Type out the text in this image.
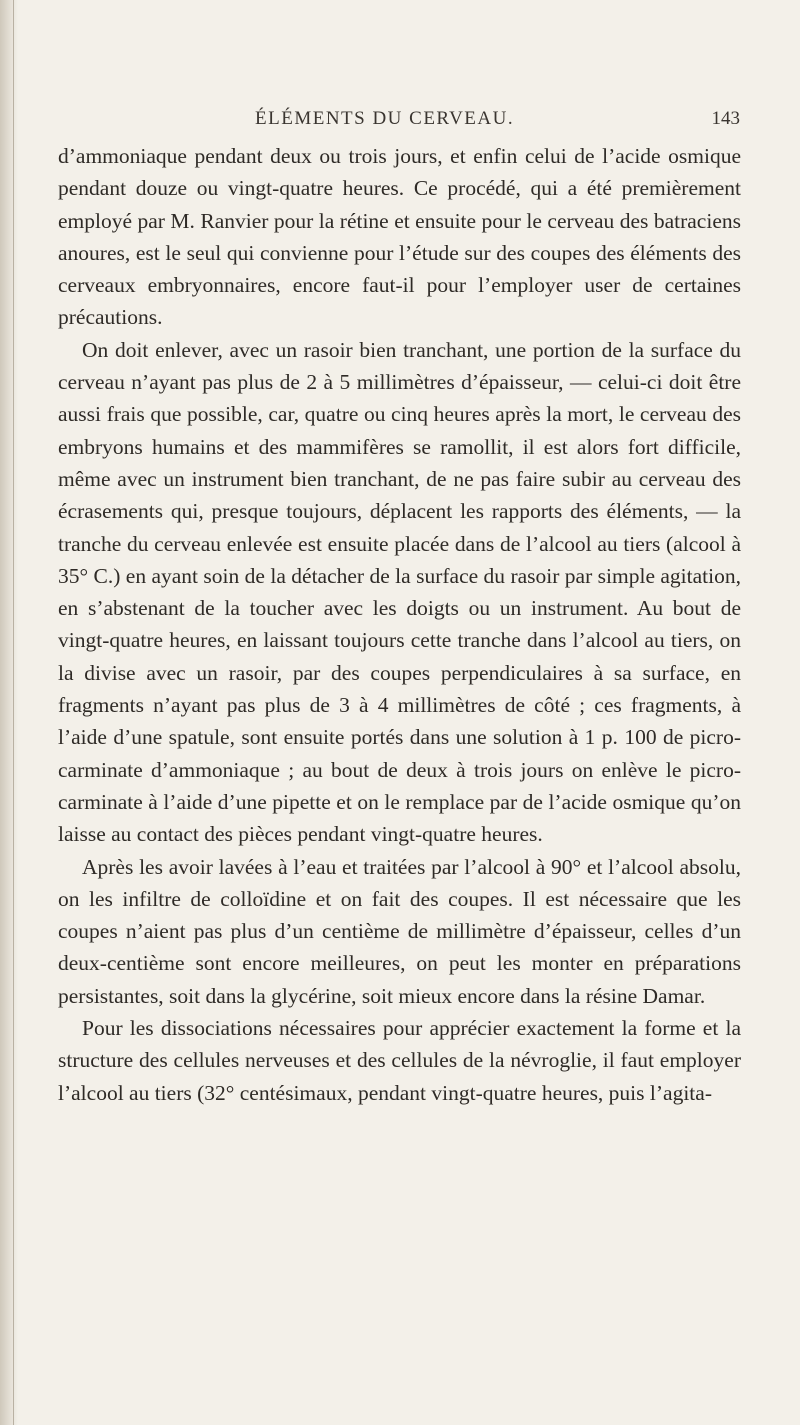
ÉLÉMENTS DU CERVEAU.	143

d’ammoniaque pendant deux ou trois jours, et enfin celui de l’acide osmique pendant douze ou vingt-quatre heures. Ce procédé, qui a été premièrement employé par M. Ranvier pour la rétine et ensuite pour le cerveau des batraciens anoures, est le seul qui convienne pour l’étude sur des coupes des éléments des cerveaux embryonnaires, encore faut-il pour l’employer user de certaines précautions.

On doit enlever, avec un rasoir bien tranchant, une portion de la surface du cerveau n’ayant pas plus de 2 à 5 millimètres d’épaisseur, — celui-ci doit être aussi frais que possible, car, quatre ou cinq heures après la mort, le cerveau des embryons humains et des mammifères se ramollit, il est alors fort difficile, même avec un instrument bien tranchant, de ne pas faire subir au cerveau des écrasements qui, presque toujours, déplacent les rapports des éléments, — la tranche du cerveau enlevée est ensuite placée dans de l’alcool au tiers (alcool à 35° C.) en ayant soin de la détacher de la surface du rasoir par simple agitation, en s’abstenant de la toucher avec les doigts ou un instrument. Au bout de vingt-quatre heures, en laissant toujours cette tranche dans l’alcool au tiers, on la divise avec un rasoir, par des coupes perpendiculaires à sa surface, en fragments n’ayant pas plus de 3 à 4 millimètres de côté ; ces fragments, à l’aide d’une spatule, sont ensuite portés dans une solution à 1 p. 100 de picro-carminate d’ammoniaque ; au bout de deux à trois jours on enlève le picro-carminate à l’aide d’une pipette et on le remplace par de l’acide osmique qu’on laisse au contact des pièces pendant vingt-quatre heures.

Après les avoir lavées à l’eau et traitées par l’alcool à 90° et l’alcool absolu, on les infiltre de colloïdine et on fait des coupes. Il est nécessaire que les coupes n’aient pas plus d’un centième de millimètre d’épaisseur, celles d’un deux-centième sont encore meilleures, on peut les monter en préparations persistantes, soit dans la glycérine, soit mieux encore dans la résine Damar.

Pour les dissociations nécessaires pour apprécier exactement la forme et la structure des cellules nerveuses et des cellules de la névroglie, il faut employer l’alcool au tiers (32° centésimaux, pendant vingt-quatre heures, puis l’agita-
